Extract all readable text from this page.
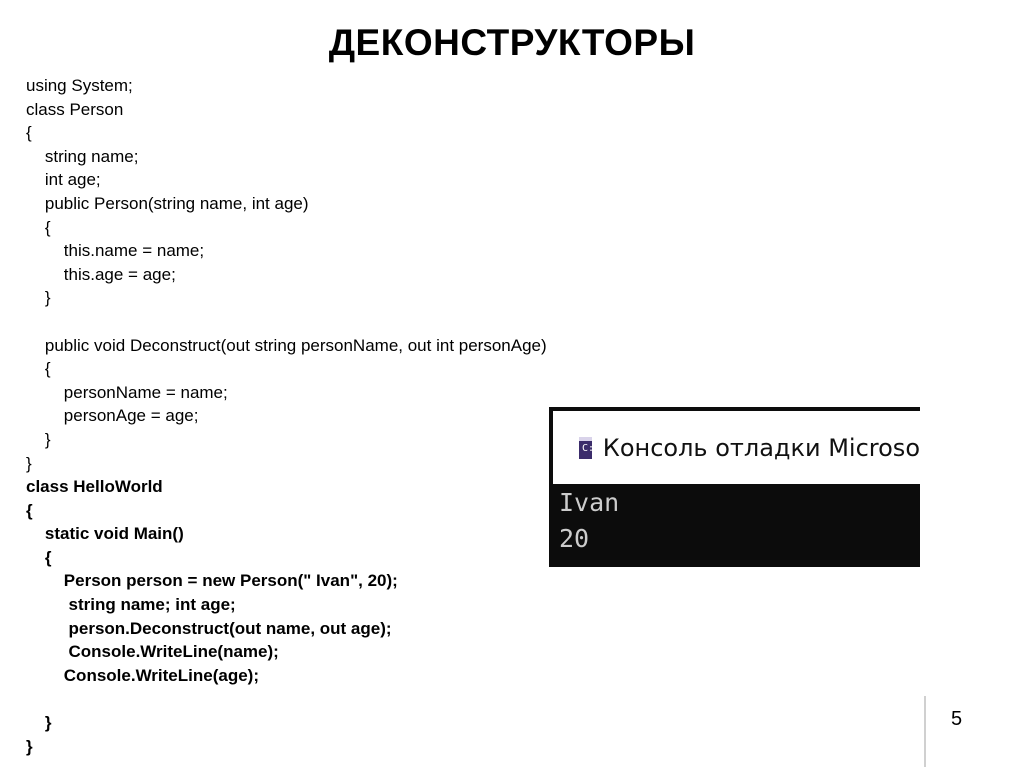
ДЕКОНСТРУКТОРЫ
using System;
class Person
{
string name;
int age;
public Person(string name, int age)
{
this.name = name;
this.age = age;
}
public void Deconstruct(out string personName, out int personAge)
{
personName = name;
personAge = age;
}
}
class HelloWorld
{
static void Main()
{
Person person = new Person(" Ivan", 20);
string name; int age;
person.Deconstruct(out name, out age);
Console.WriteLine(name);
Console.WriteLine(age);
}
}
C:\ Консоль отладки Microso
Ivan
20
5
